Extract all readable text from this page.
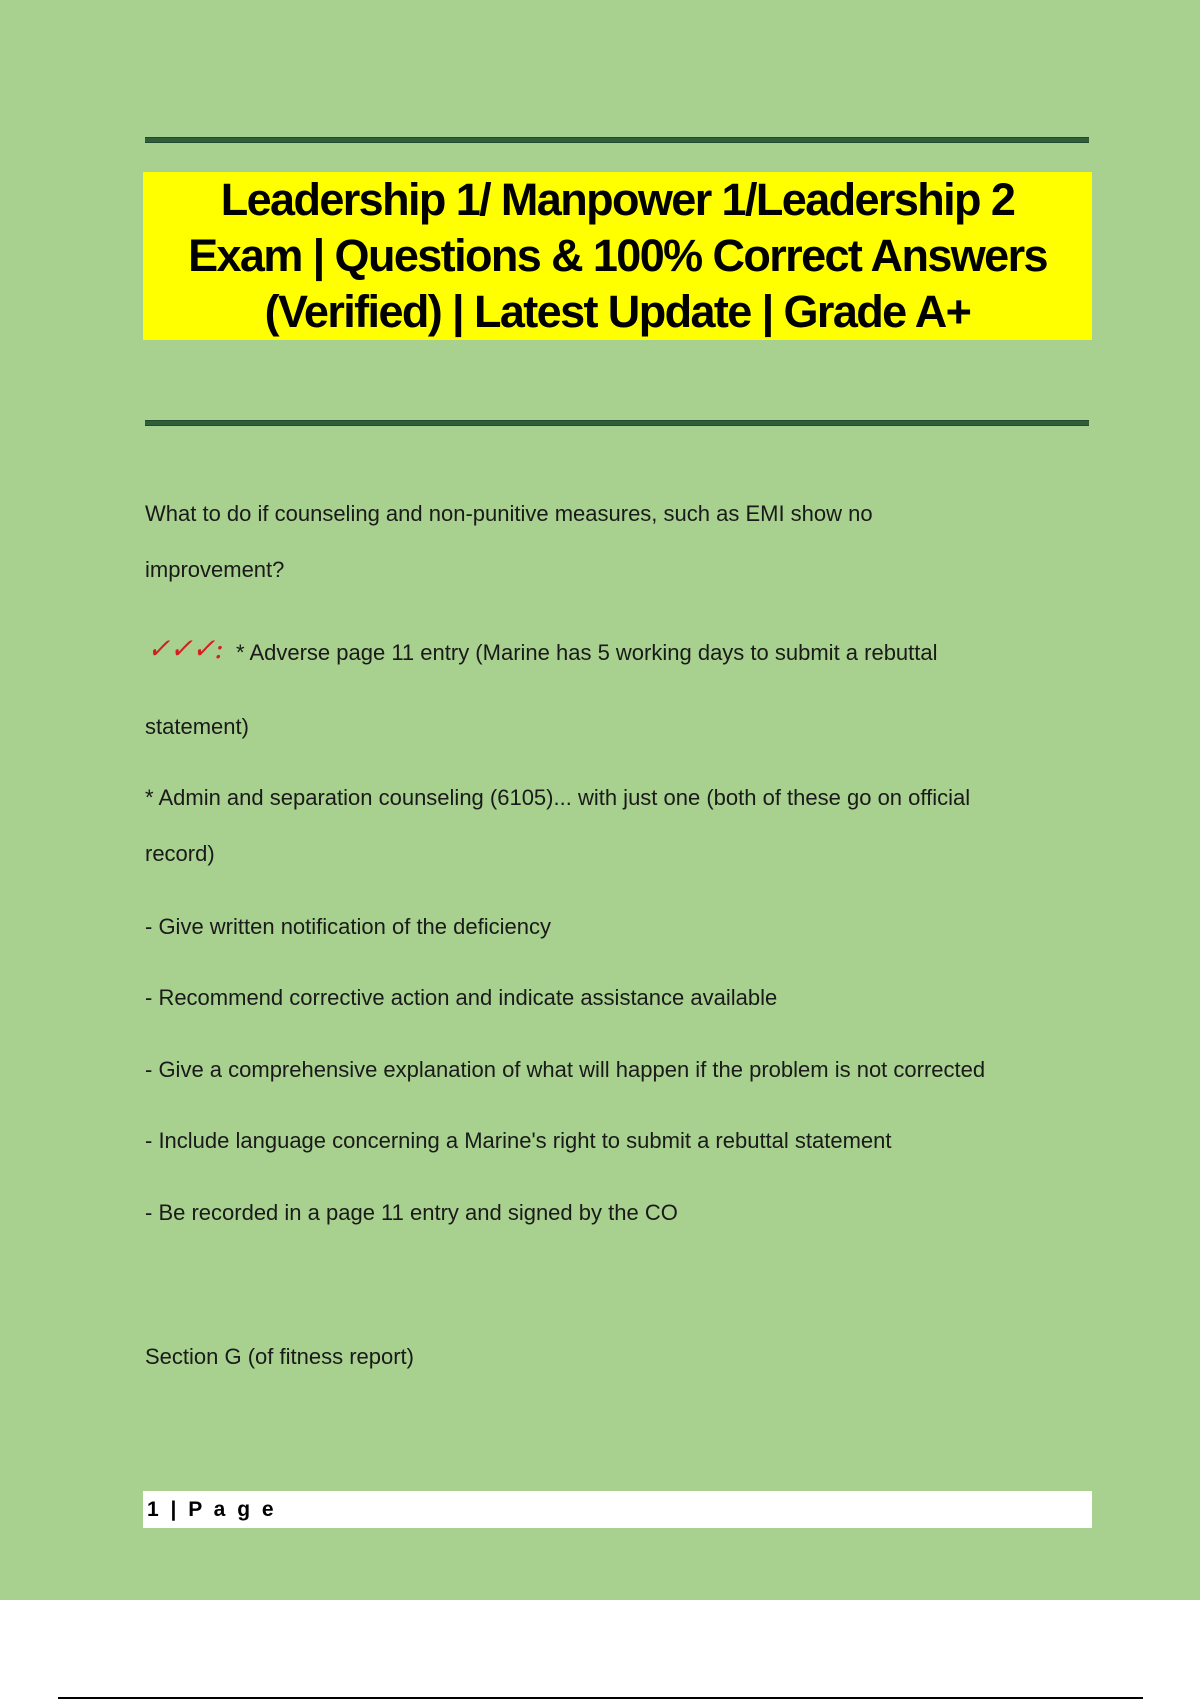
Leadership 1/ Manpower 1/Leadership 2
Exam | Questions & 100% Correct Answers
(Verified) | Latest Update | Grade A+
What to do if counseling and non-punitive measures, such as EMI show no
improvement?
✓✓✓: * Adverse page 11 entry (Marine has 5 working days to submit a rebuttal
statement)
* Admin and separation counseling (6105)... with just one (both of these go on official
record)
- Give written notification of the deficiency
- Recommend corrective action and indicate assistance available
- Give a comprehensive explanation of what will happen if the problem is not corrected
- Include language concerning a Marine's right to submit a rebuttal statement
- Be recorded in a page 11 entry and signed by the CO
Section G (of fitness report)
1 | P a g e
